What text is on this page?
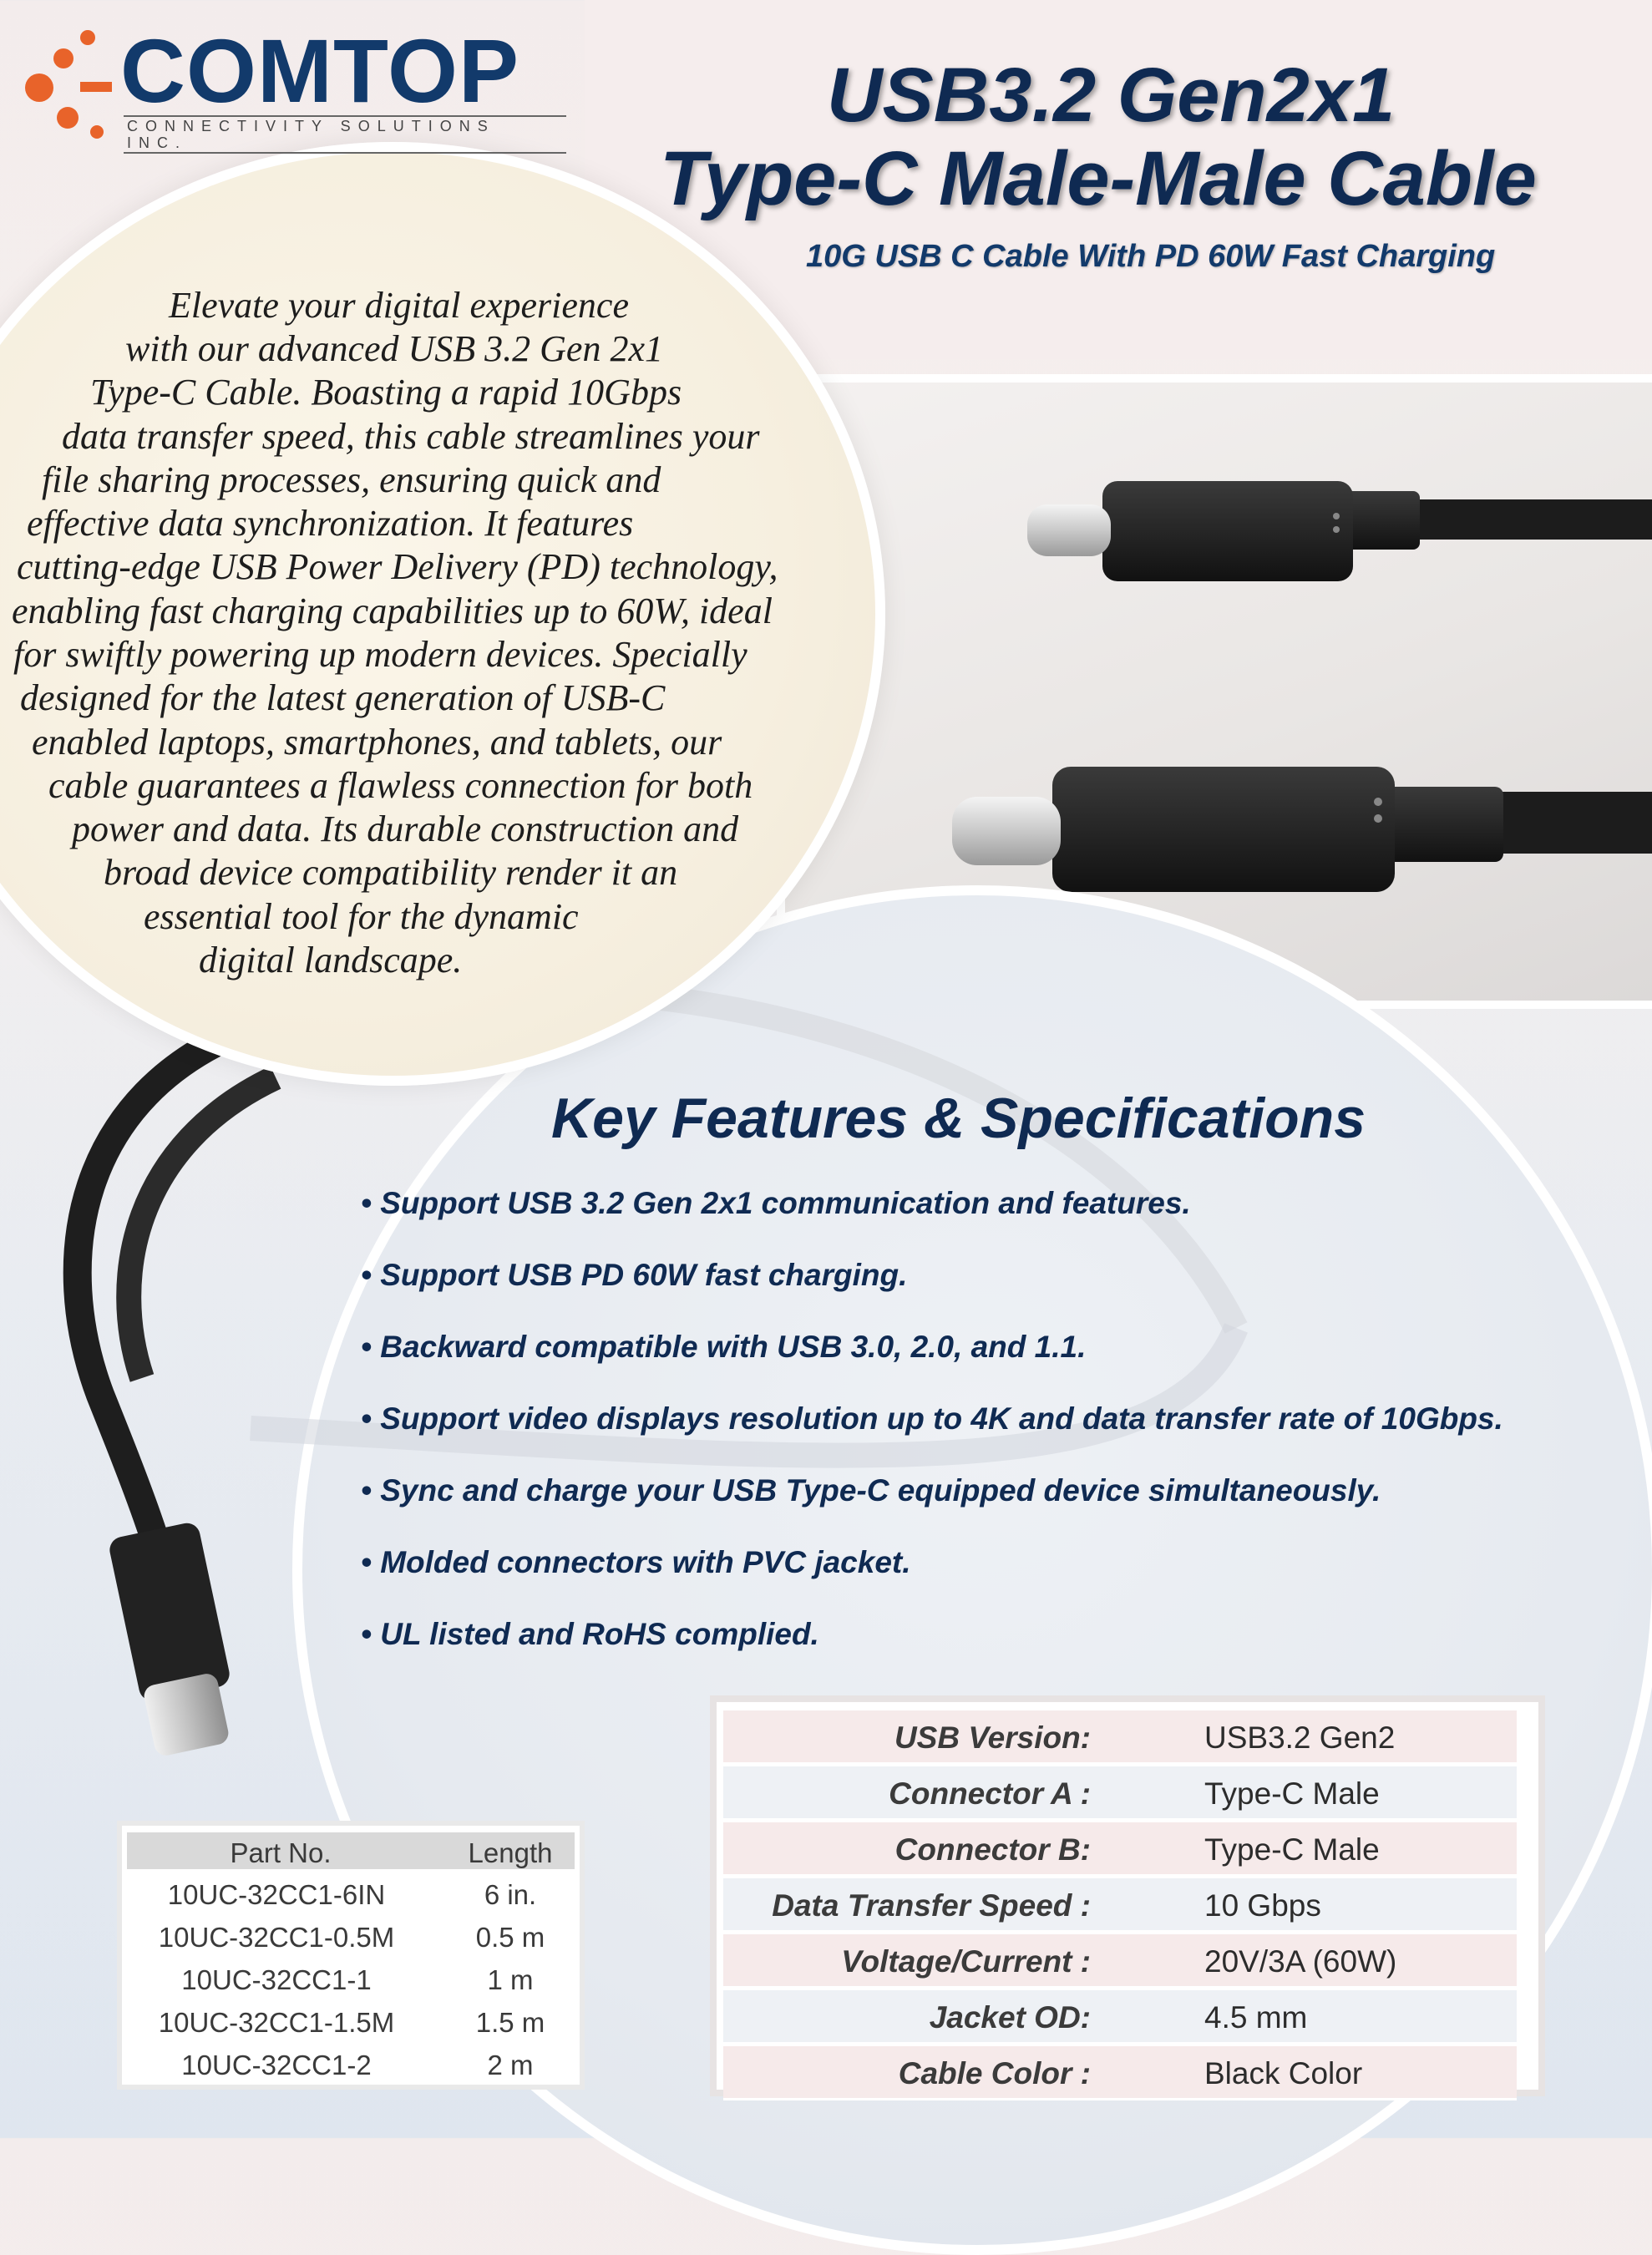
COMTOP
CONNECTIVITY SOLUTIONS INC.
USB3.2 Gen2x1
Type-C Male-Male Cable
10G USB C Cable With PD 60W Fast Charging
Elevate your digital experience
with our advanced USB 3.2 Gen 2x1
Type-C Cable. Boasting a rapid 10Gbps
data transfer speed, this cable streamlines your
file sharing processes, ensuring quick and
effective data synchronization. It features
cutting-edge USB Power Delivery (PD) technology,
enabling fast charging capabilities up to 60W, ideal
for swiftly powering up modern devices. Specially
designed for the latest generation of USB-C
enabled laptops, smartphones, and tablets, our
cable guarantees a flawless connection for both
power and data. Its durable construction and
broad device compatibility render it an
essential tool for the dynamic
digital landscape.
Key Features & Specifications
• Support USB 3.2 Gen 2x1 communication and features.
• Support USB PD 60W fast charging.
• Backward compatible with USB 3.0, 2.0, and 1.1.
• Support video displays resolution up to 4K and data transfer rate of 10Gbps.
• Sync and charge your USB Type-C equipped device simultaneously.
• Molded connectors with PVC jacket.
• UL listed and RoHS complied.
Part No.	Length
10UC-32CC1-6IN	6 in.
10UC-32CC1-0.5M	0.5 m
10UC-32CC1-1	1 m
10UC-32CC1-1.5M	1.5 m
10UC-32CC1-2	2 m
USB Version:	USB3.2 Gen2
Connector A :	Type-C Male
Connector B:	Type-C Male
Data Transfer Speed :	10 Gbps
Voltage/Current :	20V/3A (60W)
Jacket OD:	4.5 mm
Cable Color :	Black Color
